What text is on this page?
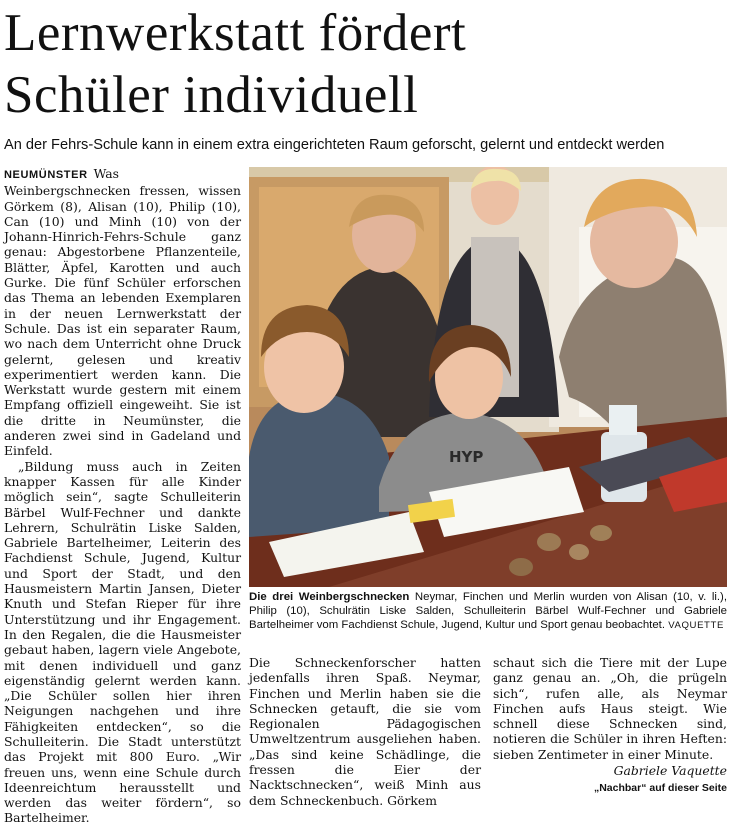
Lernwerkstatt fördert
Schüler individuell
An der Fehrs-Schule kann in einem extra eingerichteten Raum geforscht, gelernt und entdeckt werden

NEUMÜNSTER Was Weinbergschnecken fressen, wissen Görkem (8), Alisan (10), Philip (10), Can (10) und Minh (10) von der Johann-Hinrich-Fehrs-Schule ganz genau: Abgestorbene Pflanzenteile, Blätter, Äpfel, Karotten und auch Gurke. Die fünf Schüler erforschen das Thema an lebenden Exemplaren in der neuen Lernwerkstatt der Schule. Das ist ein separater Raum, wo nach dem Unterricht ohne Druck gelernt, gelesen und kreativ experimentiert werden kann. Die Werkstatt wurde gestern mit einem Empfang offiziell eingeweiht. Sie ist die dritte in Neumünster, die anderen zwei sind in Gadeland und Einfeld.

„Bildung muss auch in Zeiten knapper Kassen für alle Kinder möglich sein“, sagte Schulleiterin Bärbel Wulf-Fechner und dankte Lehrern, Schulrätin Liske Salden, Gabriele Bartelheimer, Leiterin des Fachdienst Schule, Jugend, Kultur und Sport der Stadt, und den Hausmeistern Martin Jansen, Dieter Knuth und Stefan Rieper für ihre Unterstützung und ihr Engagement. In den Regalen, die die Hausmeister gebaut haben, lagern viele Angebote, mit denen individuell und ganz eigenständig gelernt werden kann. „Die Schüler sollen hier ihren Neigungen nachgehen und ihre Fähigkeiten entdecken“, so die Schulleiterin. Die Stadt unterstützt das Projekt mit 800 Euro. „Wir freuen uns, wenn eine Schule durch Ideenreichtum herausstellt und werden das weiter fördern“, so Bartelheimer.

HYP
Die drei Weinbergschnecken Neymar, Finchen und Merlin wurden von Alisan (10, v. li.), Philip (10), Schulrätin Liske Salden, Schulleiterin Bärbel Wulf-Fechner und Gabriele Bartelheimer vom Fachdienst Schule, Jugend, Kultur und Sport genau beobachtet. VAQUETTE

Die Schneckenforscher hatten jedenfalls ihren Spaß. Neymar, Finchen und Merlin haben sie die Schnecken getauft, die sie vom Regionalen Pädagogischen Umweltzentrum ausgeliehen haben. „Das sind keine Schädlinge, die fressen die Eier der Nacktschnecken“, weiß Minh aus dem Schneckenbuch. Görkem

schaut sich die Tiere mit der Lupe ganz genau an. „Oh, die prügeln sich“, rufen alle, als Neymar Finchen aufs Haus steigt. Wie schnell diese Schnecken sind, notieren die Schüler in ihren Heften: sieben Zentimeter in einer Minute.

Gabriele Vaquette
„Nachbar“ auf dieser Seite
